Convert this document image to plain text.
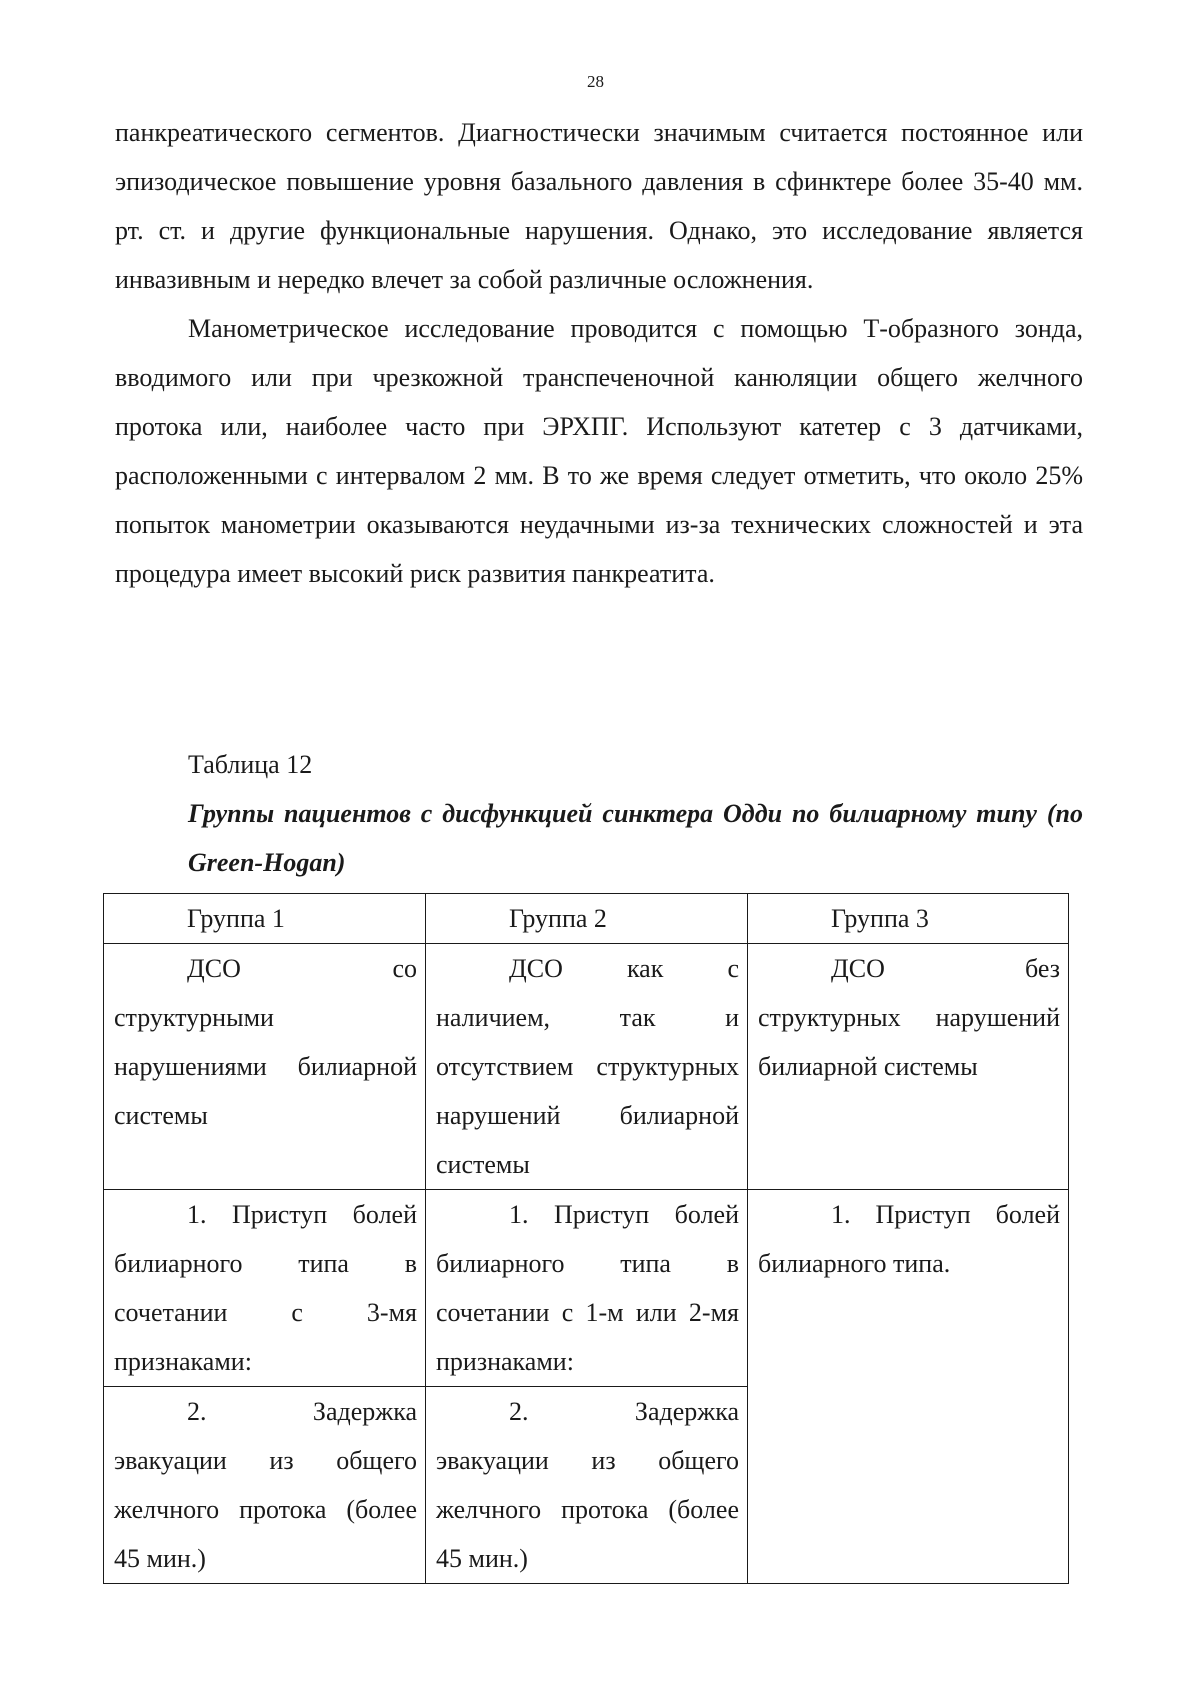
28

панкреатического сегментов. Диагностически значимым считается постоянное или эпизодическое повышение уровня базального давления в сфинктере более 35-40 мм. рт. ст. и другие функциональные нарушения. Однако, это исследование является инвазивным и нередко влечет за собой различные осложнения.

Манометрическое исследование проводится с помощью Т-образного зонда, вводимого или при чрезкожной транспеченочной канюляции общего желчного протока или, наиболее часто при ЭРХПГ. Используют катетер с 3 датчиками, расположенными с интервалом 2 мм. В то же время следует отметить, что около 25% попыток манометрии оказываются неудачными из-за технических сложностей и эта процедура имеет высокий риск развития панкреатита.

Таблица 12
Группы пациентов с дисфункцией синктера Одди по билиарному типу (по Green-Hogan)
Группа 1	Группа 2	Группа 3

ДСО со структурными нарушениями билиарной системы	ДСО как с наличием, так и отсутствием структурных нарушений билиарной системы	ДСО без структурных нарушений билиарной системы

1. Приступ болей билиарного типа в сочетании с 3-мя признаками:	1. Приступ болей билиарного типа в сочетании с 1-м или 2-мя признаками:	1. Приступ болей билиарного типа.

2. Задержка эвакуации из общего желчного протока (более 45 мин.)	2. Задержка эвакуации из общего желчного протока (более 45 мин.)	
